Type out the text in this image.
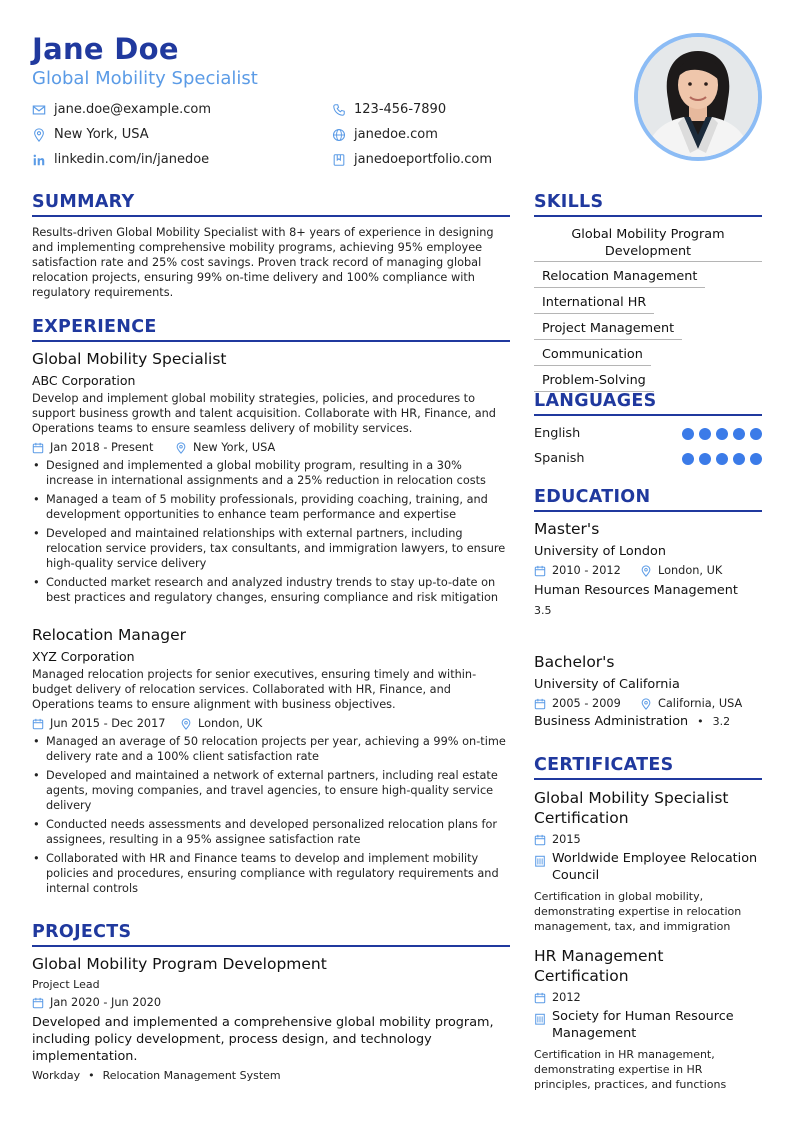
Jane Doe
Global Mobility Specialist
jane.doe@example.com	123-456-7890
New York, USA	janedoe.com
linkedin.com/in/janedoe	janedoeportfolio.com
SUMMARY
Results-driven Global Mobility Specialist with 8+ years of experience in designing and implementing comprehensive mobility programs, achieving 95% employee satisfaction rate and 25% cost savings. Proven track record of managing global relocation projects, ensuring 99% on-time delivery and 100% compliance with regulatory requirements.
EXPERIENCE
Global Mobility Specialist
ABC Corporation
Develop and implement global mobility strategies, policies, and procedures to support business growth and talent acquisition. Collaborate with HR, Finance, and Operations teams to ensure seamless delivery of mobility services.
Jan 2018 - Present	New York, USA
• Designed and implemented a global mobility program, resulting in a 30% increase in international assignments and a 25% reduction in relocation costs
• Managed a team of 5 mobility professionals, providing coaching, training, and development opportunities to enhance team performance and expertise
• Developed and maintained relationships with external partners, including relocation service providers, tax consultants, and immigration lawyers, to ensure high-quality service delivery
• Conducted market research and analyzed industry trends to stay up-to-date on best practices and regulatory changes, ensuring compliance and risk mitigation
Relocation Manager
XYZ Corporation
Managed relocation projects for senior executives, ensuring timely and within-budget delivery of relocation services. Collaborated with HR, Finance, and Operations teams to ensure alignment with business objectives.
Jun 2015 - Dec 2017	London, UK
• Managed an average of 50 relocation projects per year, achieving a 99% on-time delivery rate and a 100% client satisfaction rate
• Developed and maintained a network of external partners, including real estate agents, moving companies, and travel agencies, to ensure high-quality service delivery
• Conducted needs assessments and developed personalized relocation plans for assignees, resulting in a 95% assignee satisfaction rate
• Collaborated with HR and Finance teams to develop and implement mobility policies and procedures, ensuring compliance with regulatory requirements and internal controls
PROJECTS
Global Mobility Program Development
Project Lead
Jan 2020 - Jun 2020
Developed and implemented a comprehensive global mobility program, including policy development, process design, and technology implementation.
Workday • Relocation Management System
SKILLS
Global Mobility Program Development
Relocation Management
International HR
Project Management
Communication
Problem-Solving
LANGUAGES
English
Spanish
EDUCATION
Master's
University of London
2010 - 2012	London, UK
Human Resources Management
3.5
Bachelor's
University of California
2005 - 2009	California, USA
Business Administration • 3.2
CERTIFICATES
Global Mobility Specialist Certification
2015
Worldwide Employee Relocation Council
Certification in global mobility, demonstrating expertise in relocation management, tax, and immigration
HR Management Certification
2012
Society for Human Resource Management
Certification in HR management, demonstrating expertise in HR principles, practices, and functions
